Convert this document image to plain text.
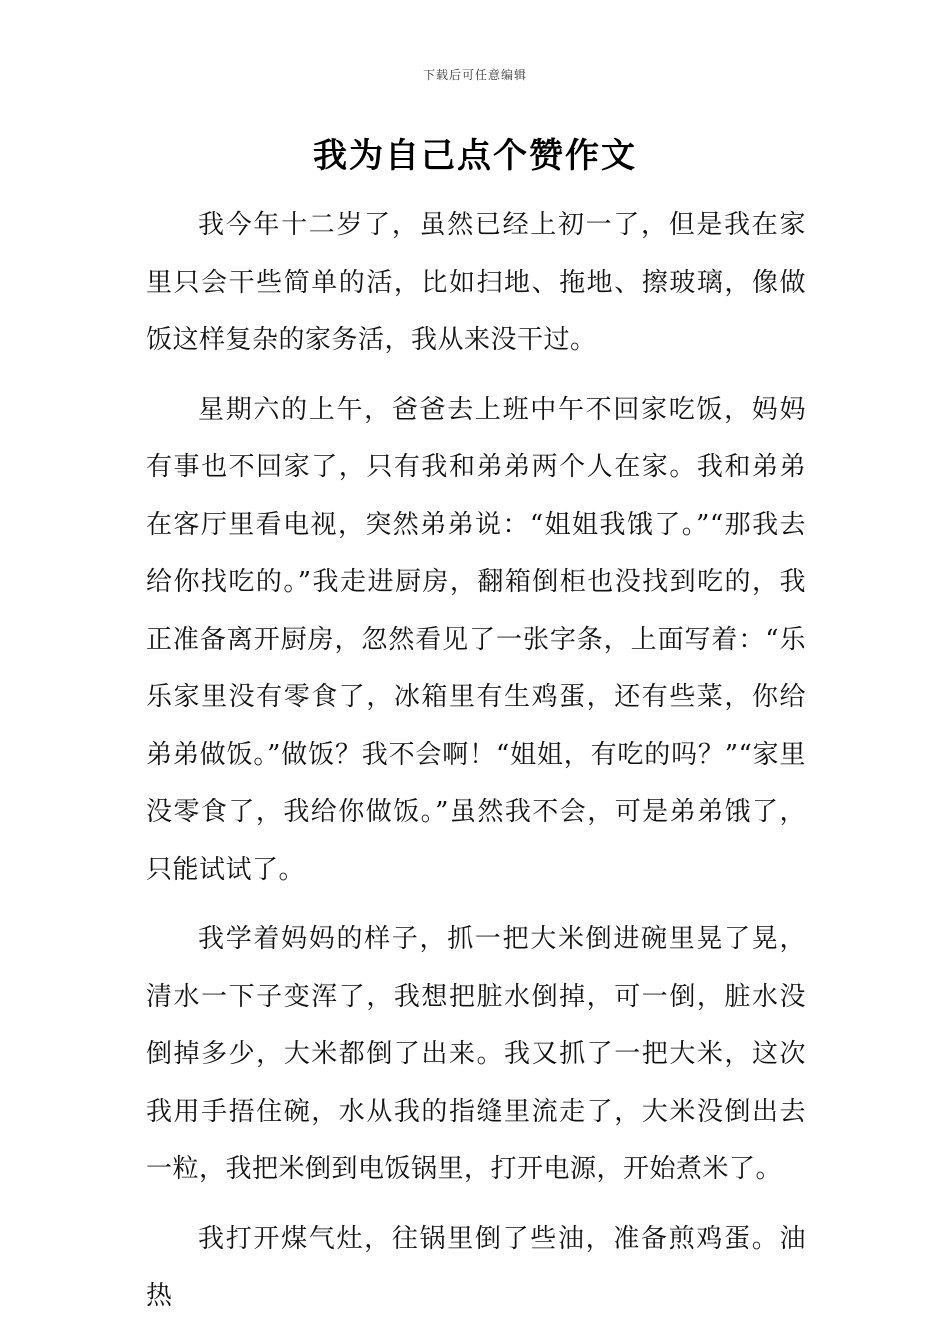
下载后可任意编辑
我为自己点个赞作文

我今年十二岁了，虽然已经上初一了，但是我在家里只会干些简单的活，比如扫地、拖地、擦玻璃，像做饭这样复杂的家务活，我从来没干过。

星期六的上午，爸爸去上班中午不回家吃饭，妈妈有事也不回家了，只有我和弟弟两个人在家。我和弟弟在客厅里看电视，突然弟弟说：“姐姐我饿了。”“那我去给你找吃的。”我走进厨房，翻箱倒柜也没找到吃的，我正准备离开厨房，忽然看见了一张字条，上面写着：“乐乐家里没有零食了，冰箱里有生鸡蛋，还有些菜，你给弟弟做饭。”做饭？我不会啊！“姐姐，有吃的吗？”“家里没零食了，我给你做饭。”虽然我不会，可是弟弟饿了，只能试试了。

我学着妈妈的样子，抓一把大米倒进碗里晃了晃，清水一下子变浑了，我想把脏水倒掉，可一倒，脏水没倒掉多少，大米都倒了出来。我又抓了一把大米，这次我用手捂住碗，水从我的指缝里流走了，大米没倒出去一粒，我把米倒到电饭锅里，打开电源，开始煮米了。

我打开煤气灶，往锅里倒了些油，准备煎鸡蛋。油热
